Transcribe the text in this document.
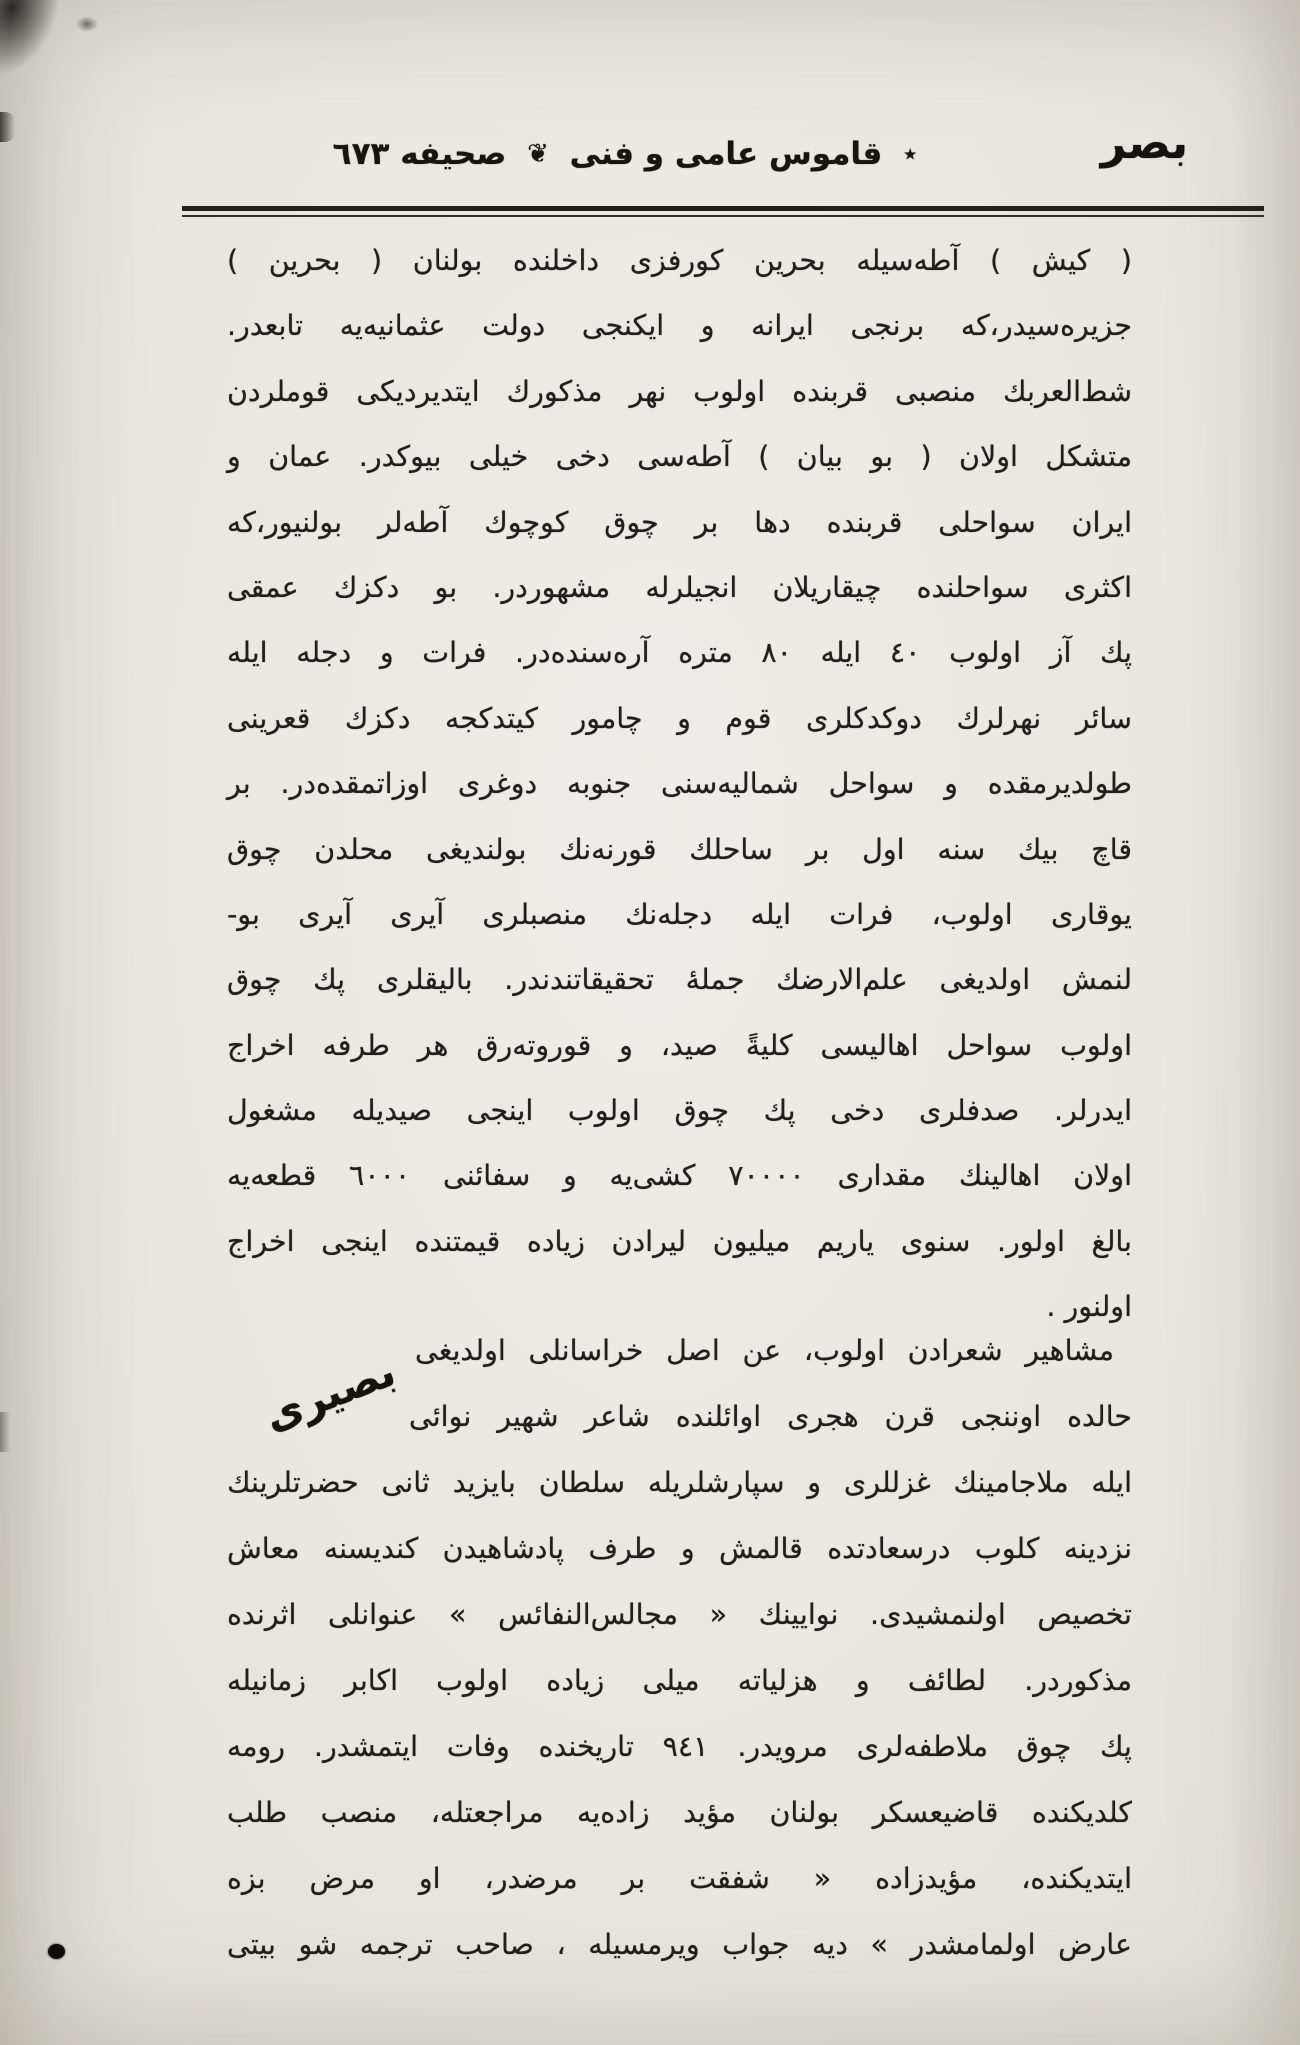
بصر
٭ قاموس عامى و فنى ❦ صحيفه ٦٧٣
( كيش ) آطه‌سيله بحرين كورفزى داخلنده بولنان ( بحرين )
جزيره‌سيدر،كه برنجى ايرانه و ايكنجى دولت عثمانيه‌يه تابعدر.
شط‌العربك منصبى قربنده اولوب نهر مذكورك ايتديرديكى قوملردن
متشكل اولان ( بو بيان ) آطه‌سى دخى خيلى بيوكدر. عمان و
ايران سواحلى قربنده دها بر چوق كوچوك آطه‌لر بولنيور،كه
اكثرى سواحلنده چيقاريلان انجيلرله مشهوردر. بو دكزك عمقى
پك آز اولوب ٤٠ ايله ٨٠ متره آره‌سنده‌در. فرات و دجله ايله
سائر نهرلرك دوكدكلرى قوم و چامور كيتدكجه دكزك قعرينى
طولديرمقده و سواحل شماليه‌سنى جنوبه دوغرى اوزاتمقده‌در. بر
قاچ بيك سنه اول بر ساحلك قورنه‌نك بولنديغى محلدن چوق
يوقارى اولوب، فرات ايله دجله‌نك منصبلرى آيرى آيرى بو-
لنمش اولديغى علم‌الارضك جملهٔ تحقيقاتندندر. باليقلرى پك چوق
اولوب سواحل اهاليسى كليةً صيد، و قوروته‌رق هر طرفه اخراج
ايدرلر. صدفلرى دخى پك چوق اولوب اينجى صيديله مشغول
اولان اهالينك مقدارى ٧٠٠٠٠ كشى‌يه و سفائنى ٦٠٠٠ قطعه‌يه
بالغ اولور. سنوى ياريم ميليون ليرادن زياده قيمتنده اينجى اخراج
اولنور .
بصيرى مشاهير شعرادن اولوب، عن اصل خراسانلى اولديغى
حالده اوننجى قرن هجرى اوائلنده شاعر شهير نوائى
ايله ملاجامينك غزللرى و سپارشلريله سلطان بايزيد ثانى حضرتلرينك
نزدينه كلوب درسعادتده قالمش و طرف پادشاهيدن كنديسنه معاش
تخصيص اولنمشيدى. نوايينك « مجالس‌النفائس » عنوانلى اثرنده
مذكوردر. لطائف و هزلياته ميلى زياده اولوب اكابر زمانيله
پك چوق ملاطفه‌لرى مرويدر. ٩٤١ تاريخنده وفات ايتمشدر. رومه
كلديكنده قاضيعسكر بولنان مؤيد زاده‌يه مراجعتله، منصب طلب
ايتديكنده، مؤيدزاده « شفقت بر مرضدر، او مرض بزه
عارض اولمامشدر » ديه جواب ويرمسيله ، صاحب ترجمه شو بيتى
